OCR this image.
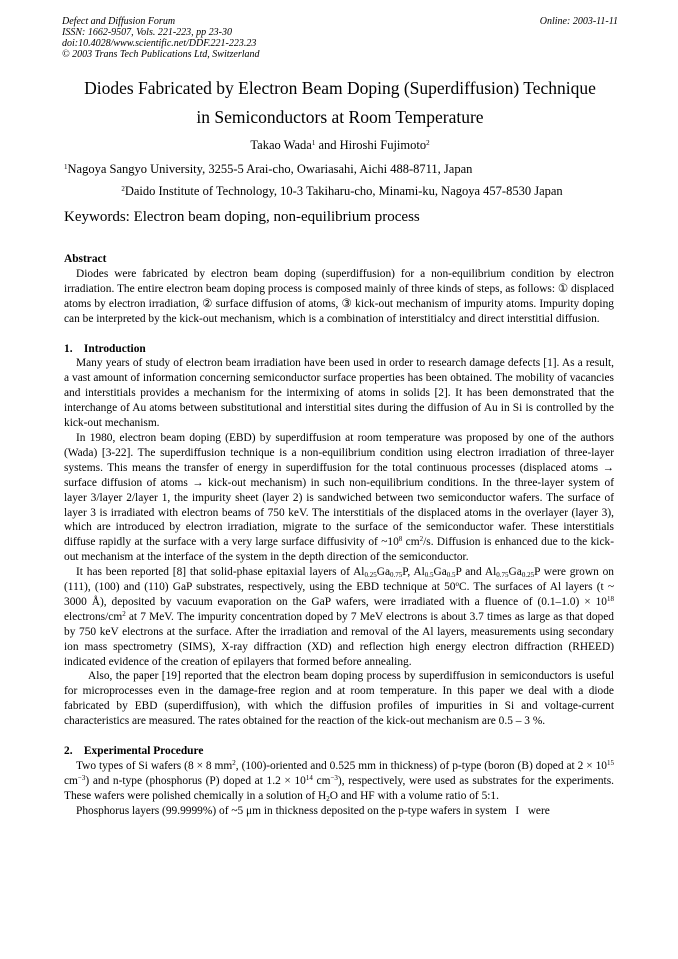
Defect and Diffusion Forum	Online: 2003-11-11
ISSN: 1662-9507, Vols. 221-223, pp 23-30
doi:10.4028/www.scientific.net/DDF.221-223.23
© 2003 Trans Tech Publications Ltd, Switzerland
Diodes Fabricated by Electron Beam Doping (Superdiffusion) Technique
in Semiconductors at Room Temperature
Takao Wada$^1$ and Hiroshi Fujimoto$^2$
$^1$Nagoya Sangyo University, 3255-5 Arai-cho, Owariasahi, Aichi 488-8711, Japan
$^2$Daido Institute of Technology, 10-3 Takiharu-cho, Minami-ku, Nagoya 457-8530 Japan
Keywords: Electron beam doping, non-equilibrium process
Abstract

Diodes were fabricated by electron beam doping (superdiffusion) for a non-equilibrium condition by electron irradiation. The entire electron beam doping process is composed mainly of three kinds of steps, as follows: ① displaced atoms by electron irradiation, ② surface diffusion of atoms, ③ kick-out mechanism of impurity atoms. Impurity doping can be interpreted by the kick-out mechanism, which is a combination of interstitialcy and direct interstitial diffusion.

1.    Introduction

Many years of study of electron beam irradiation have been used in order to research damage defects [1]. As a result, a vast amount of information concerning semiconductor surface properties has been obtained. The mobility of vacancies and interstitials provides a mechanism for the intermixing of atoms in solids [2]. It has been demonstrated that the interchange of Au atoms between substitutional and interstitial sites during the diffusion of Au in Si is controlled by the kick-out mechanism.

In 1980, electron beam doping (EBD) by superdiffusion at room temperature was proposed by one of the authors (Wada) [3-22]. The superdiffusion technique is a non-equilibrium condition using electron irradiation of three-layer systems. This means the transfer of energy in superdiffusion for the total continuous processes (displaced atoms → surface diffusion of atoms → kick-out mechanism) in such non-equilibrium conditions. In the three-layer system of layer 3/layer 2/layer 1, the impurity sheet (layer 2) is sandwiched between two semiconductor wafers. The surface of layer 3 is irradiated with electron beams of 750 keV. The interstitials of the displaced atoms in the overlayer (layer 3), which are introduced by electron irradiation, migrate to the surface of the semiconductor wafer. These interstitials diffuse rapidly at the surface with a very large surface diffusivity of $\sim 10^8$ $cm^2/s$. Diffusion is enhanced due to the kick-out mechanism at the interface of the system in the depth direction of the semiconductor.

It has been reported [8] that solid-phase epitaxial layers of $Al_{0.25}Ga_{0.75}P$, $Al_{0.5}Ga_{0.5}P$ and $Al_{0.75}Ga_{0.25}P$ were grown on (111), (100) and (110) GaP substrates, respectively, using the EBD technique at 50$^o$C. The surfaces of Al layers (t ~ 3000 Å), deposited by vacuum evaporation on the GaP wafers, were irradiated with a fluence of $(0.1-1.0) \times 10^{18}$ electrons/$cm^2$ at 7 MeV. The impurity concentration doped by 7 MeV electrons is about 3.7 times as large as that doped by 750 keV electrons at the surface. After the irradiation and removal of the Al layers, measurements using secondary ion mass spectrometry (SIMS), X-ray diffraction (XD) and reflection high energy electron diffraction (RHEED) indicated evidence of the creation of epilayers that formed before annealing.

Also, the paper [19] reported that the electron beam doping process by superdiffusion in semiconductors is useful for microprocesses even in the damage-free region and at room temperature. In this paper we deal with a diode fabricated by EBD (superdiffusion), with which the diffusion profiles of impurities in Si and voltage-current characteristics are measured. The rates obtained for the reaction of the kick-out mechanism are 0.5 – 3 %.

2.    Experimental Procedure

Two types of Si wafers (8 × 8 $mm^2$, (100)-oriented and 0.525 mm in thickness) of p-type (boron (B) doped at $2 \times 10^{15}$ $cm^{-3}$) and n-type (phosphorus (P) doped at $1.2 \times 10^{14}$ $cm^{-3}$), respectively, were used as substrates for the experiments. These wafers were polished chemically in a solution of $H_2O$ and HF with a volume ratio of 5:1.

Phosphorus layers (99.9999%) of ~5 μm in thickness deposited on the p-type wafers in system   I   were
